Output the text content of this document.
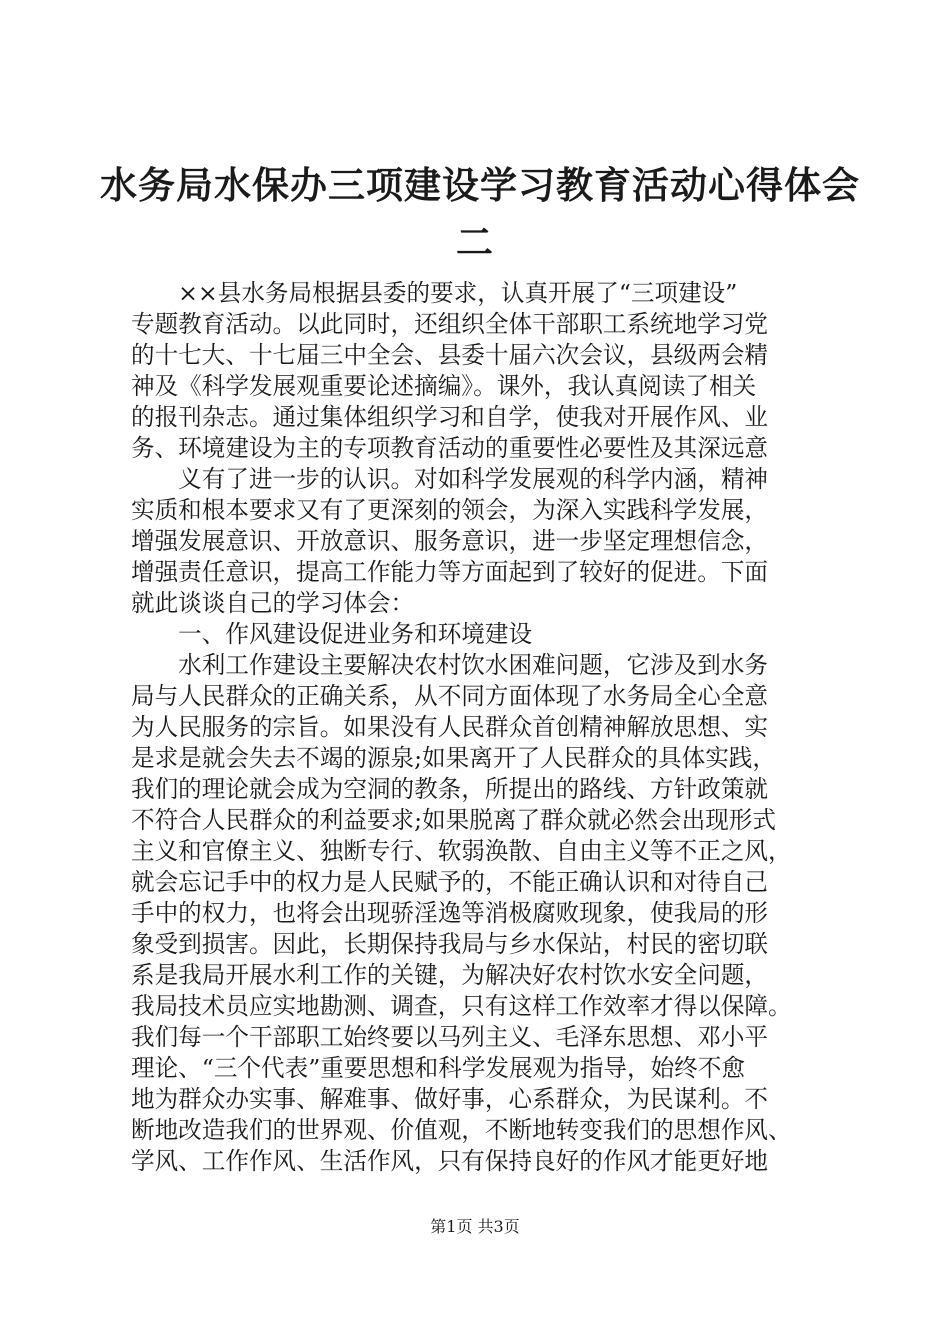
水务局水保办三项建设学习教育活动心得体会
二
　　××县水务局根据县委的要求，认真开展了“三项建设”
专题教育活动。以此同时，还组织全体干部职工系统地学习党
的十七大、十七届三中全会、县委十届六次会议，县级两会精
神及《科学发展观重要论述摘编》。课外，我认真阅读了相关
的报刊杂志。通过集体组织学习和自学，使我对开展作风、业
务、环境建设为主的专项教育活动的重要性必要性及其深远意
　　义有了进一步的认识。对如科学发展观的科学内涵，精神
实质和根本要求又有了更深刻的领会，为深入实践科学发展，
增强发展意识、开放意识、服务意识，进一步坚定理想信念，
增强责任意识，提高工作能力等方面起到了较好的促进。下面
就此谈谈自己的学习体会：
　　一、作风建设促进业务和环境建设
　　水利工作建设主要解决农村饮水困难问题，它涉及到水务
局与人民群众的正确关系，从不同方面体现了水务局全心全意
为人民服务的宗旨。如果没有人民群众首创精神解放思想、实
是求是就会失去不竭的源泉;如果离开了人民群众的具体实践，
我们的理论就会成为空洞的教条，所提出的路线、方针政策就
不符合人民群众的利益要求;如果脱离了群众就必然会出现形式
主义和官僚主义、独断专行、软弱涣散、自由主义等不正之风，
就会忘记手中的权力是人民赋予的，不能正确认识和对待自己
手中的权力，也将会出现骄淫逸等消极腐败现象，使我局的形
象受到损害。因此，长期保持我局与乡水保站，村民的密切联
系是我局开展水利工作的关键，为解决好农村饮水安全问题，
我局技术员应实地勘测、调查，只有这样工作效率才得以保障。
我们每一个干部职工始终要以马列主义、毛泽东思想、邓小平
理论、“三个代表”重要思想和科学发展观为指导，始终不愈
地为群众办实事、解难事、做好事，心系群众，为民谋利。不
断地改造我们的世界观、价值观，不断地转变我们的思想作风、
学风、工作作风、生活作风，只有保持良好的作风才能更好地
第1页 共3页
